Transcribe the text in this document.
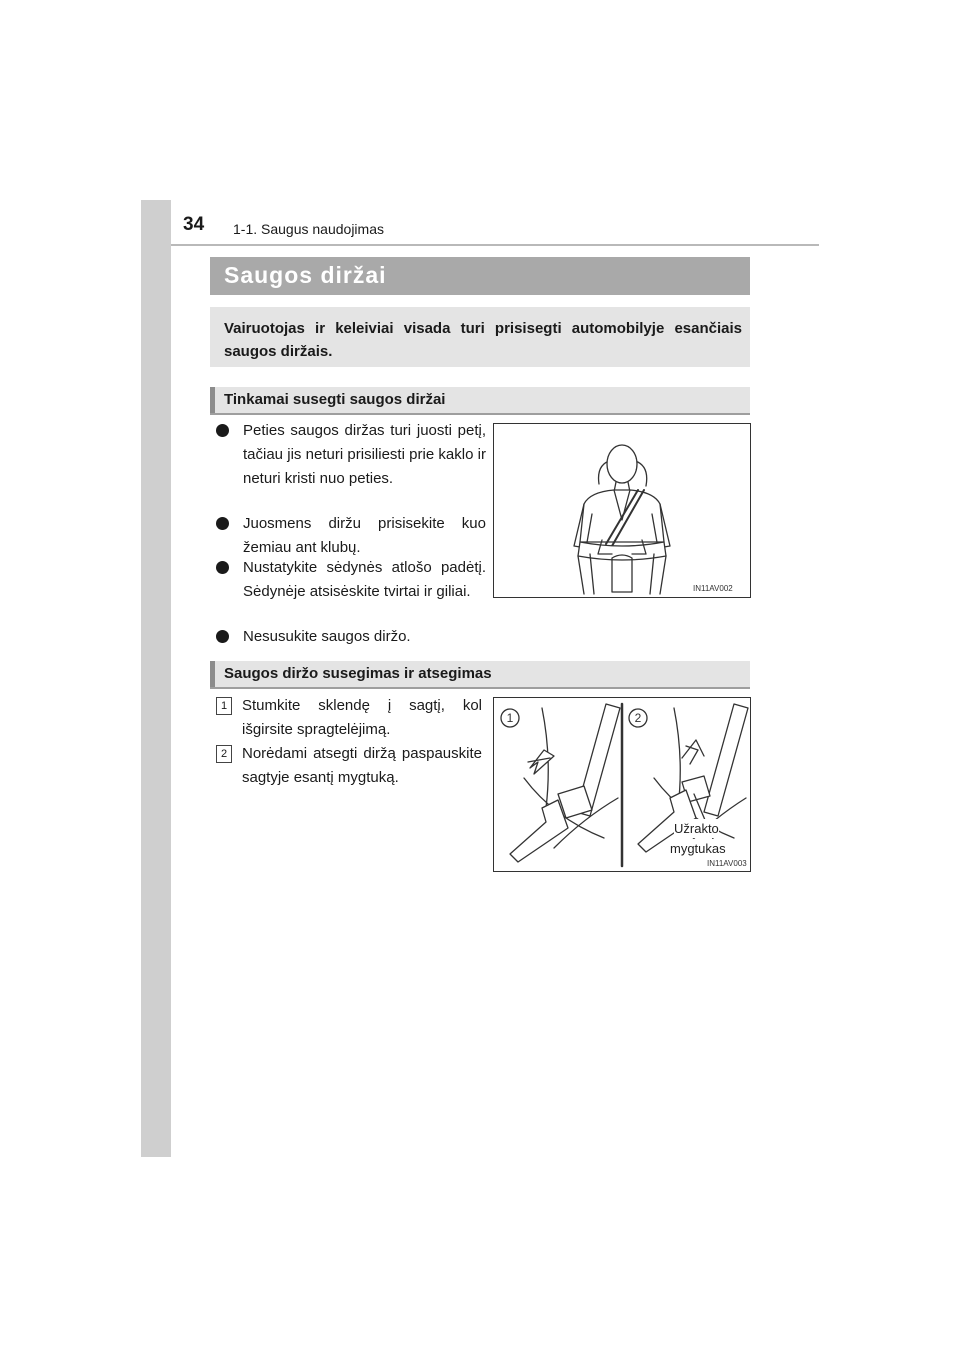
34 1-1. Saugus naudojimas
Saugos diržai
Vairuotojas ir keleiviai visada turi prisisegti automobilyje esančiais saugos diržais.
Tinkamai susegti saugos diržai
Peties saugos diržas turi juosti petį, tačiau jis neturi prisiliesti prie kaklo ir neturi kristi nuo peties.
Juosmens diržu prisisekite kuo žemiau ant klubų.
Nustatykite sėdynės atlošo padėtį. Sėdynėje atsisėskite tvirtai ir giliai.
Nesusukite saugos diržo.
IN11AV002
Saugos diržo susegimas ir atsegimas
1 Stumkite sklendę į sagtį, kol išgirsite spragtelėjimą.
2 Norėdami atsegti diržą paspauskite sagtyje esantį mygtuką.
1	2
Užrakto
mygtukas
IN11AV003
